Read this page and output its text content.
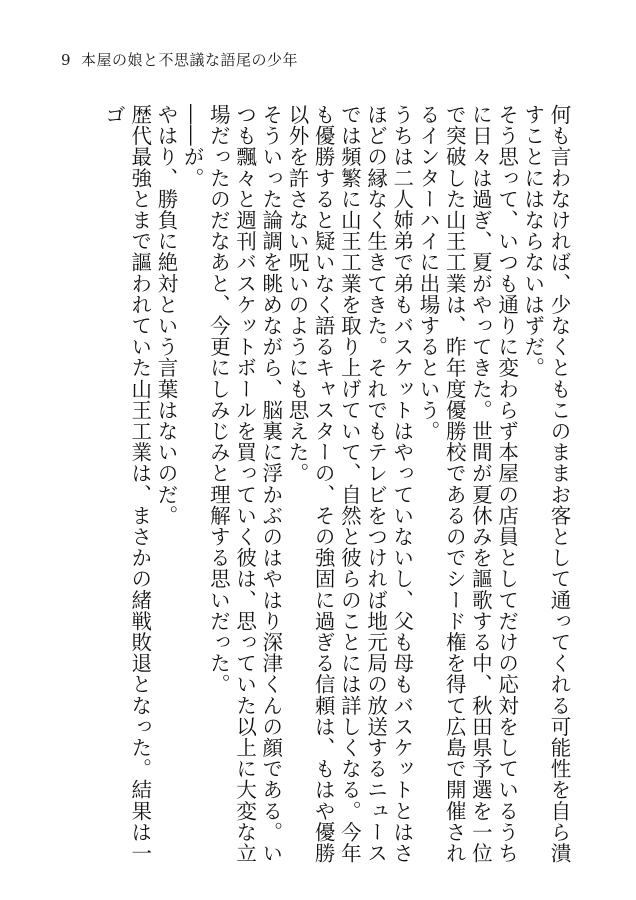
9 本屋の娘と不思議な語尾の少年

何も言わなければ、少なくともこのままお客として通ってくれる可能性を自ら潰すことにはならないはずだ。

そう思って、いつも通りに変わらず本屋の店員としてだけの応対をしているうちに日々は過ぎ、夏がやってきた。世間が夏休みを謳歌する中、秋田県予選を一位で突破した山王工業は、昨年度優勝校であるのでシード権を得て広島で開催されるインターハイに出場するという。

うちは二人姉弟で弟もバスケットはやっていないし、父も母もバスケットとはさほどの縁なく生きてきた。それでもテレビをつければ地元局の放送するニュースでは頻繁に山王工業を取り上げていて、自然と彼らのことには詳しくなる。今年も優勝すると疑いなく語るキャスターの、その強固に過ぎる信頼は、もはや優勝以外を許さない呪いのようにも思えた。

そういった論調を眺めながら、脳裏に浮かぶのはやはり深津くんの顔である。いつも飄々と週刊バスケットボールを買っていく彼は、思っていた以上に大変な立場だったのだなあと、今更にしみじみと理解する思いだった。

――が。

やはり、勝負に絶対という言葉はないのだ。

歴代最強とまで謳われていた山王工業は、まさかの緒戦敗退となった。結果は一ゴ
